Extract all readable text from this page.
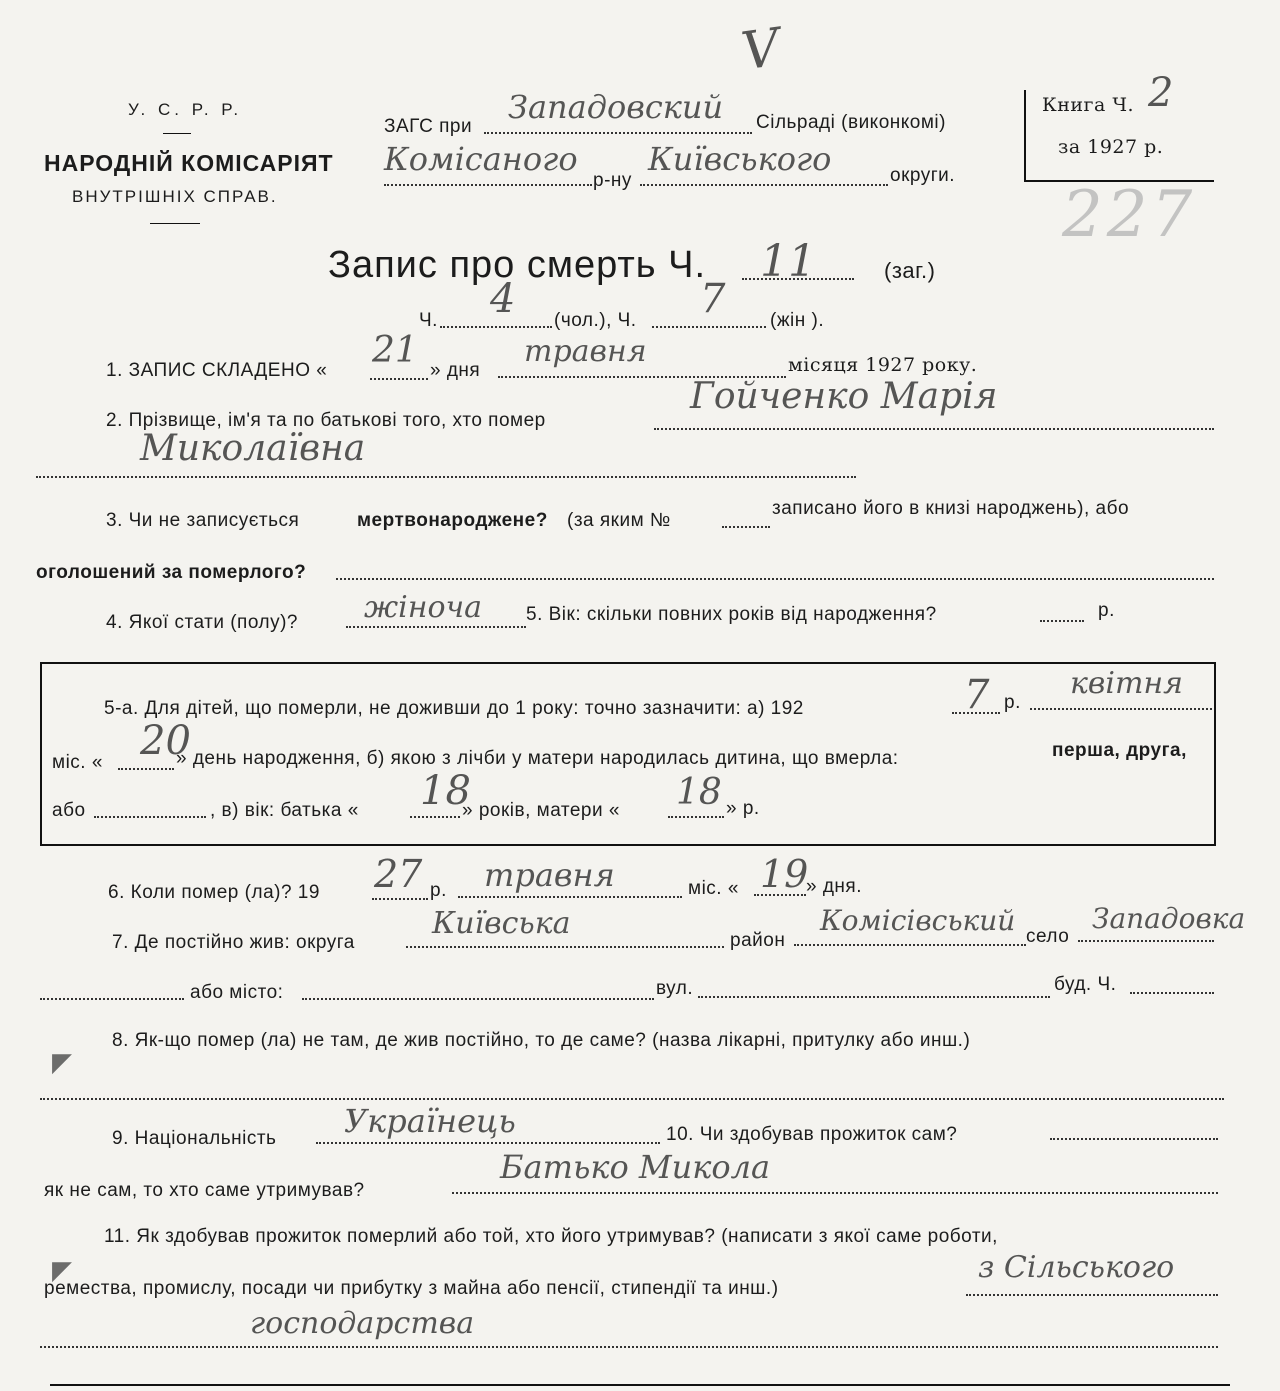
V
227
У. С. Р. Р.
НАРОДНІЙ КОМІСАРІЯТ
ВНУТРІШНІХ СПРАВ.
ЗАГС при
Западовский Сільраді (виконкомі)
Комісаного
р-ну
Київського	округи.
Книга Ч. 2
за 1927 р.
Запис про смерть Ч. 11	(заг.)
Ч. 4 (чол.), Ч. 7 (жін ).
1. ЗАПИС СКЛАДЕНО « 21 » дня
травня	місяця 1927 року.
2. Прізвище, ім'я та по батькові того, хто помер
Гойченко Марія
Миколаївна
3. Чи не записується	мертвонароджене? (за яким №
записано його в книзі народжень), або
оголошений за померлого?
4. Якої стати (полу)? жіноча 5. Вік: скільки повних років від народження?	р.
5-а. Для дітей, що померли, не доживши до 1 року: точно зазначити: а) 192	7 р.
квітня
міс. « 20
» день народження, б) якою з лічби у матери народилась дитина, що вмерла:	перша, друга,
або	, в) вік: батька « 18
» років, матери « 18 » р.
6. Коли помер (ла)? 19 27 р. травня	міс. « 19
» дня.
7. Де постійно жив: округа
Київська	район
Комісівський село
Западовка
або місто:	вул.	буд. Ч.
8. Як-що помер (ла) не там, де жив постійно, то де саме? (назва лікарні, притулку або инш.)
◤
9. Національність Українець	10. Чи здобував прожиток сам?
як не сам, то хто саме утримував?
Батько Микола
11. Як здобував прожиток померлий або той, хто його утримував? (написати з якої саме роботи,
ремества, промислу, посади чи прибутку з майна або пенсії, стипендії та инш.)
з Сільського
◤
господарства
